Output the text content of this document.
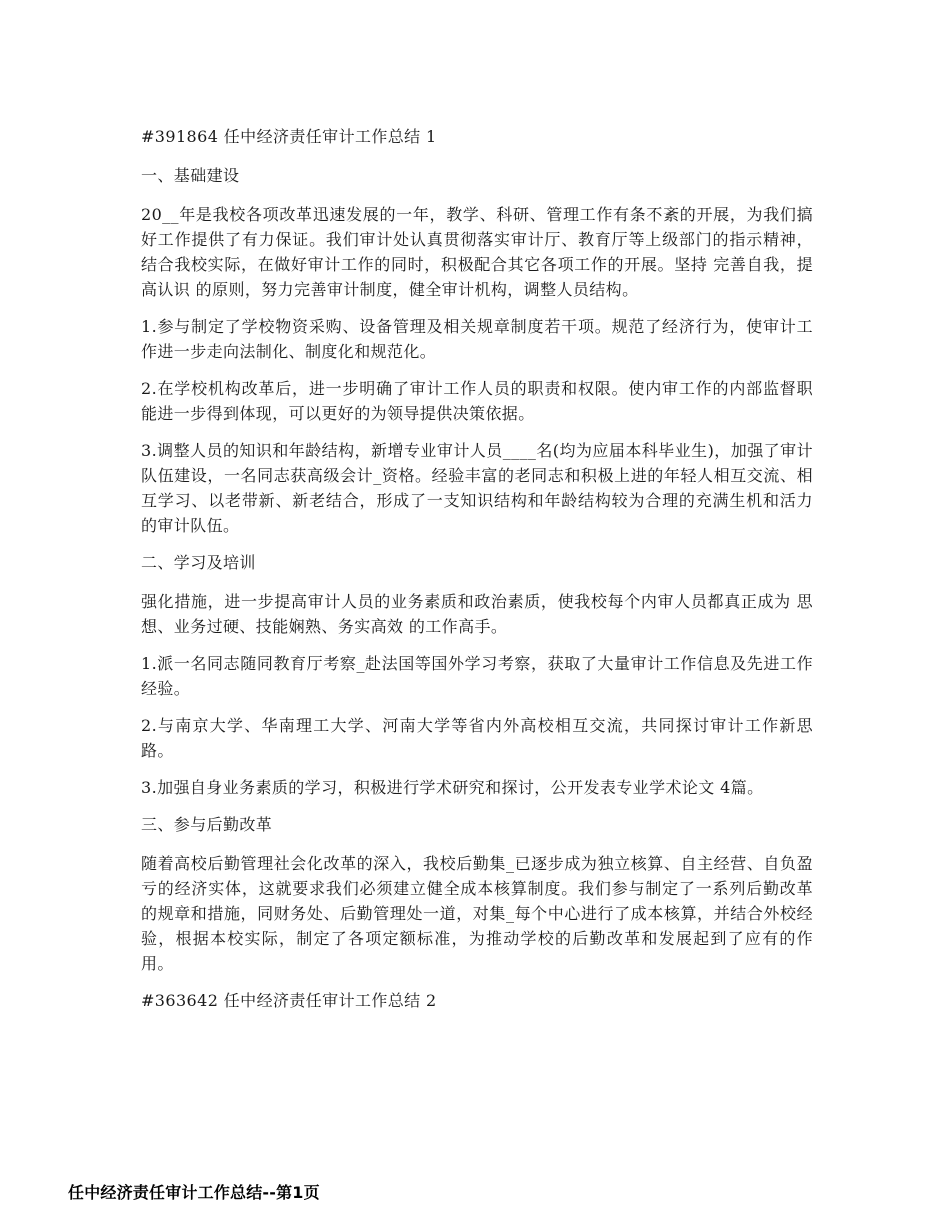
#391864 任中经济责任审计工作总结 1

一、基础建设

20__年是我校各项改革迅速发展的一年，教学、科研、管理工作有条不紊的开展，为我们搞好工作提供了有力保证。我们审计处认真贯彻落实审计厅、教育厅等上级部门的指示精神，结合我校实际，在做好审计工作的同时，积极配合其它各项工作的开展。坚持 完善自我，提高认识 的原则，努力完善审计制度，健全审计机构，调整人员结构。

1.参与制定了学校物资采购、设备管理及相关规章制度若干项。规范了经济行为，使审计工作进一步走向法制化、制度化和规范化。

2.在学校机构改革后，进一步明确了审计工作人员的职责和权限。使内审工作的内部监督职能进一步得到体现，可以更好的为领导提供决策依据。

3.调整人员的知识和年龄结构，新增专业审计人员____名(均为应届本科毕业生)，加强了审计队伍建设，一名同志获高级会计_资格。经验丰富的老同志和积极上进的年轻人相互交流、相互学习、以老带新、新老结合，形成了一支知识结构和年龄结构较为合理的充满生机和活力的审计队伍。

二、学习及培训

强化措施，进一步提高审计人员的业务素质和政治素质，使我校每个内审人员都真正成为 思想、业务过硬、技能娴熟、务实高效 的工作高手。

1.派一名同志随同教育厅考察_赴法国等国外学习考察，获取了大量审计工作信息及先进工作经验。

2.与南京大学、华南理工大学、河南大学等省内外高校相互交流，共同探讨审计工作新思路。

3.加强自身业务素质的学习，积极进行学术研究和探讨，公开发表专业学术论文 4篇。

三、参与后勤改革

随着高校后勤管理社会化改革的深入，我校后勤集_已逐步成为独立核算、自主经营、自负盈亏的经济实体，这就要求我们必须建立健全成本核算制度。我们参与制定了一系列后勤改革的规章和措施，同财务处、后勤管理处一道，对集_每个中心进行了成本核算，并结合外校经验，根据本校实际，制定了各项定额标准，为推动学校的后勤改革和发展起到了应有的作用。

#363642 任中经济责任审计工作总结 2

任中经济责任审计工作总结--第1页
